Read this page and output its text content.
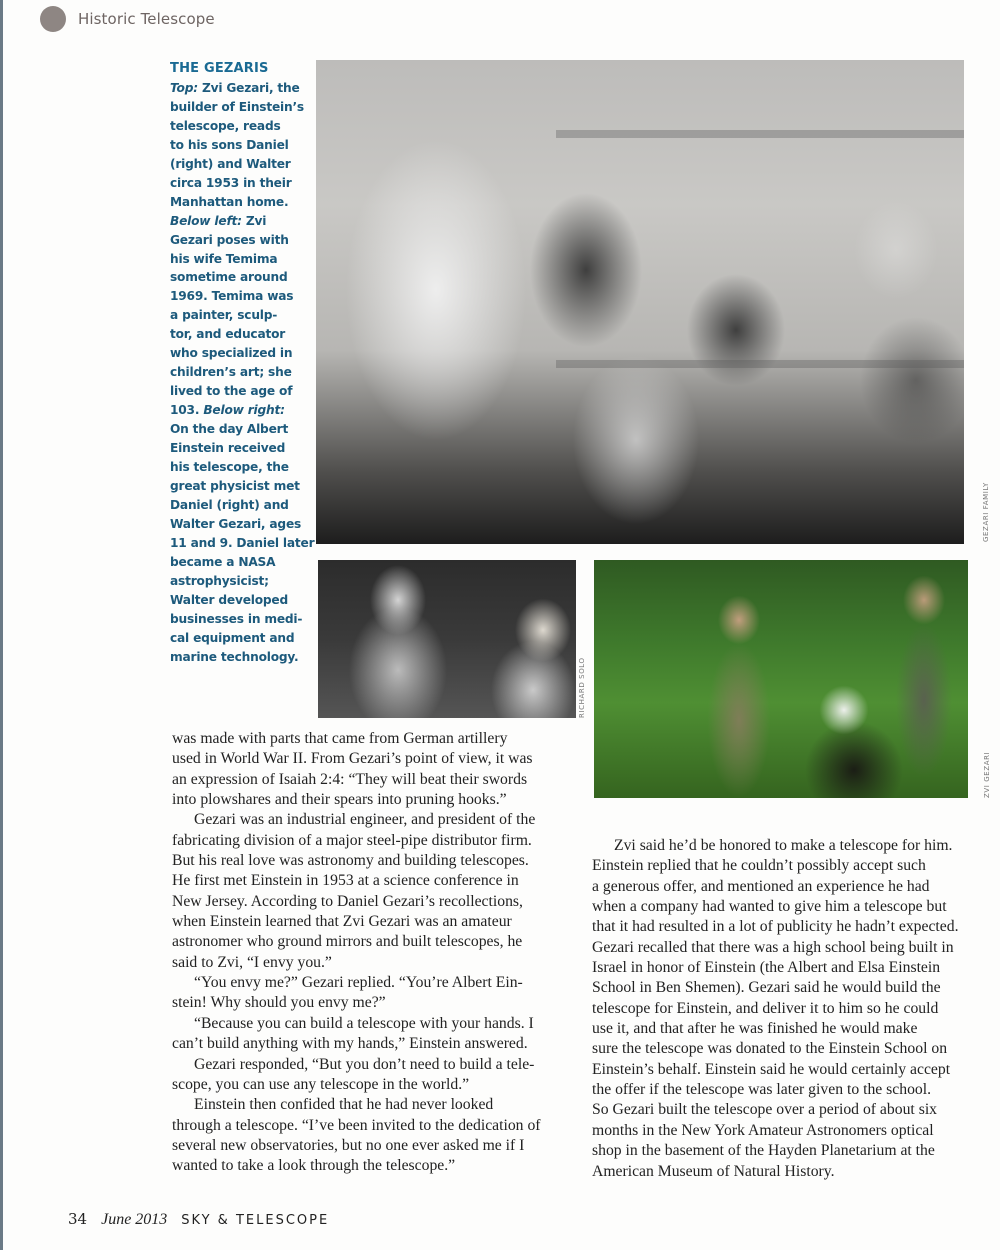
Historic Telescope
THE GEZARIS
Top: Zvi Gezari, the
builder of Einstein’s
telescope, reads
to his sons Daniel
(right) and Walter
circa 1953 in their
Manhattan home.
Below left: Zvi
Gezari poses with
his wife Temima
sometime around
1969. Temima was
a painter, sculp-
tor, and educator
who specialized in
children’s art; she
lived to the age of
103. Below right:
On the day Albert
Einstein received
his telescope, the
great physicist met
Daniel (right) and
Walter Gezari, ages
11 and 9. Daniel later
became a NASA
astrophysicist;
Walter developed
businesses in medi-
cal equipment and
marine technology.
GEZARI FAMILY
RICHARD SOLO
ZVI GEZARI
was made with parts that came from German artillery
used in World War II. From Gezari’s point of view, it was
an expression of Isaiah 2:4: “They will beat their swords
into plowshares and their spears into pruning hooks.”
Gezari was an industrial engineer, and president of the
fabricating division of a major steel-pipe distributor firm.
But his real love was astronomy and building telescopes.
He first met Einstein in 1953 at a science conference in
New Jersey. According to Daniel Gezari’s recollections,
when Einstein learned that Zvi Gezari was an amateur
astronomer who ground mirrors and built telescopes, he
said to Zvi, “I envy you.”
“You envy me?” Gezari replied. “You’re Albert Ein-
stein! Why should you envy me?”
“Because you can build a telescope with your hands. I
can’t build anything with my hands,” Einstein answered.
Gezari responded, “But you don’t need to build a tele-
scope, you can use any telescope in the world.”
Einstein then confided that he had never looked
through a telescope. “I’ve been invited to the dedication of
several new observatories, but no one ever asked me if I
wanted to take a look through the telescope.”
Zvi said he’d be honored to make a telescope for him.
Einstein replied that he couldn’t possibly accept such
a generous offer, and mentioned an experience he had
when a company had wanted to give him a telescope but
that it had resulted in a lot of publicity he hadn’t expected.
Gezari recalled that there was a high school being built in
Israel in honor of Einstein (the Albert and Elsa Einstein
School in Ben Shemen). Gezari said he would build the
telescope for Einstein, and deliver it to him so he could
use it, and that after he was finished he would make
sure the telescope was donated to the Einstein School on
Einstein’s behalf. Einstein said he would certainly accept
the offer if the telescope was later given to the school.
So Gezari built the telescope over a period of about six
months in the New York Amateur Astronomers optical
shop in the basement of the Hayden Planetarium at the
American Museum of Natural History.
34 June 2013 SKY & TELESCOPE
